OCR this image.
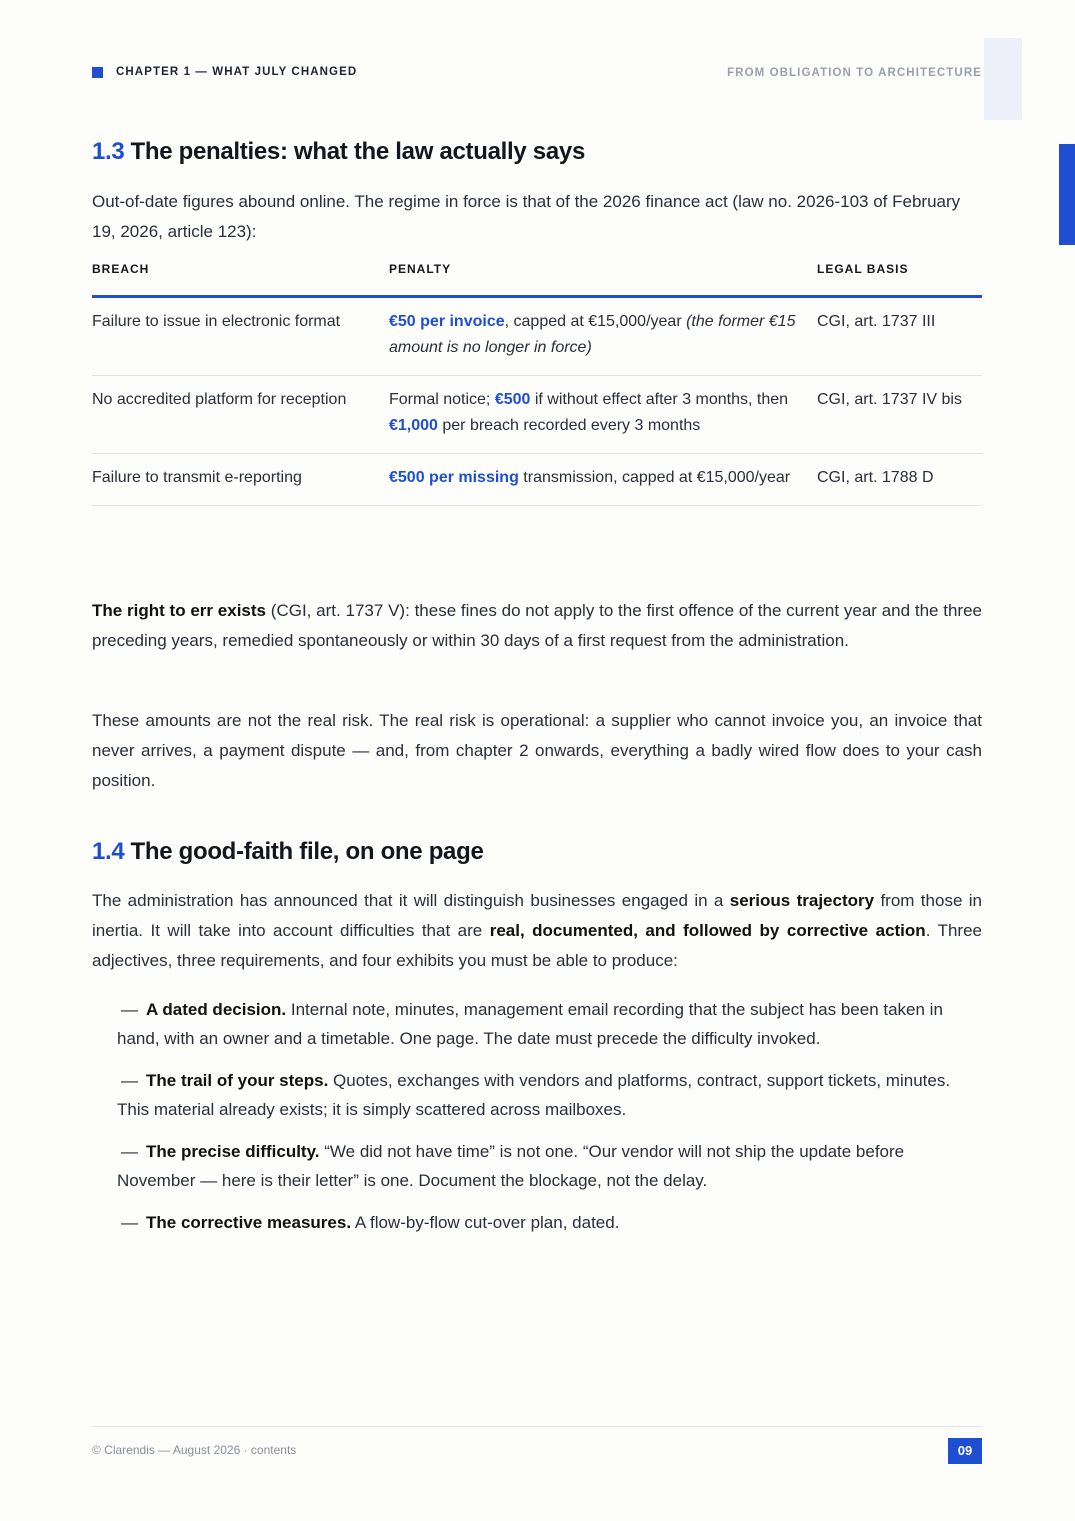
CHAPTER 1 — WHAT JULY CHANGED	FROM OBLIGATION TO ARCHITECTURE
1.3 The penalties: what the law actually says

Out-of-date figures abound online. The regime in force is that of the 2026 finance act (law no. 2026-103 of February 19, 2026, article 123):

BREACH	PENALTY	LEGAL BASIS
Failure to issue in electronic format	€50 per invoice, capped at €15,000/year (the former €15 amount is no longer in force)	CGI, art. 1737 III
No accredited platform for reception	Formal notice; €500 if without effect after 3 months, then €1,000 per breach recorded every 3 months	CGI, art. 1737 IV bis
Failure to transmit e-reporting	€500 per missing transmission, capped at €15,000/year	CGI, art. 1788 D

The right to err exists (CGI, art. 1737 V): these fines do not apply to the first offence of the current year and the three preceding years, remedied spontaneously or within 30 days of a first request from the administration.

These amounts are not the real risk. The real risk is operational: a supplier who cannot invoice you, an invoice that never arrives, a payment dispute — and, from chapter 2 onwards, everything a badly wired flow does to your cash position.

1.4 The good-faith file, on one page

The administration has announced that it will distinguish businesses engaged in a serious trajectory from those in inertia. It will take into account difficulties that are real, documented, and followed by corrective action. Three adjectives, three requirements, and four exhibits you must be able to produce:

— A dated decision. Internal note, minutes, management email recording that the subject has been taken in hand, with an owner and a timetable. One page. The date must precede the difficulty invoked.
— The trail of your steps. Quotes, exchanges with vendors and platforms, contract, support tickets, minutes. This material already exists; it is simply scattered across mailboxes.
— The precise difficulty. “We did not have time” is not one. “Our vendor will not ship the update before November — here is their letter” is one. Document the blockage, not the delay.
— The corrective measures. A flow-by-flow cut-over plan, dated.
© Clarendis — August 2026 · contents	09
